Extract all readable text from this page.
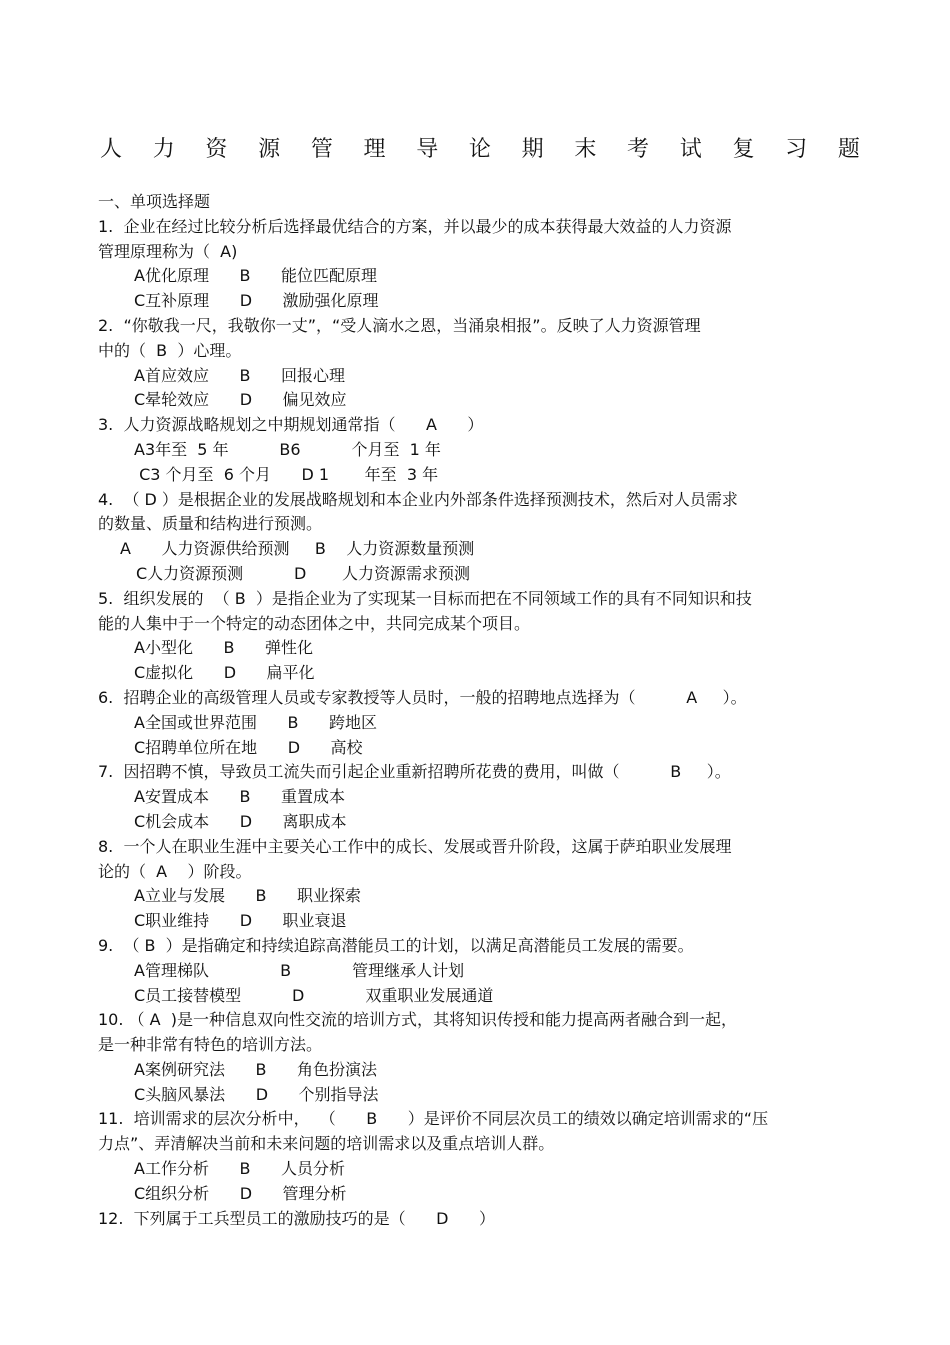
人 力 资 源 管 理 导 论 期 末 考 试 复 习 题
一、单项选择题
1.  企业在经过比较分析后选择最优结合的方案，并以最少的成本获得最大效益的人力资源
管理原理称为（  A)
A优化原理      B      能位匹配原理
C互补原理      D      激励强化原理
2.  “你敬我一尺，我敬你一丈”，“受人滴水之恩，当涌泉相报”。反映了人力资源管理
中的（  B  ）心理。
A首应效应      B      回报心理
C晕轮效应      D      偏见效应
3.  人力资源战略规划之中期规划通常指（      A      ）
A3年至  5 年          B6          个月至  1 年
C3 个月至  6 个月      D 1       年至  3 年
4.  （ D ）是根据企业的发展战略规划和本企业内外部条件选择预测技术，然后对人员需求
的数量、质量和结构进行预测。
A      人力资源供给预测     B    人力资源数量预测
C人力资源预测          D       人力资源需求预测
5.  组织发展的  （ B  ）是指企业为了实现某一目标而把在不同领域工作的具有不同知识和技
能的人集中于一个特定的动态团体之中，共同完成某个项目。
A小型化      B      弹性化
C虚拟化      D      扁平化
6.  招聘企业的高级管理人员或专家教授等人员时，一般的招聘地点选择为（          A     ）。
A全国或世界范围      B      跨地区
C招聘单位所在地      D      高校
7.  因招聘不慎，导致员工流失而引起企业重新招聘所花费的费用，叫做（          B     ）。
A安置成本      B      重置成本
C机会成本      D      离职成本
8.  一个人在职业生涯中主要关心工作中的成长、发展或晋升阶段，这属于萨珀职业发展理
论的（  A    ）阶段。
A立业与发展      B      职业探索
C职业维持      D      职业衰退
9.  （ B  ）是指确定和持续追踪高潜能员工的计划，以满足高潜能员工发展的需要。
A管理梯队              B            管理继承人计划
C员工接替模型          D            双重职业发展通道
10. （ A  )是一种信息双向性交流的培训方式，其将知识传授和能力提高两者融合到一起，
是一种非常有特色的培训方法。
A案例研究法      B      角色扮演法
C头脑风暴法      D      个别指导法
11.  培训需求的层次分析中，  （      B      ）是评价不同层次员工的绩效以确定培训需求的“压
力点”、弄清解决当前和未来问题的培训需求以及重点培训人群。
A工作分析      B      人员分析
C组织分析      D      管理分析
12.  下列属于工兵型员工的激励技巧的是（      D      ）
